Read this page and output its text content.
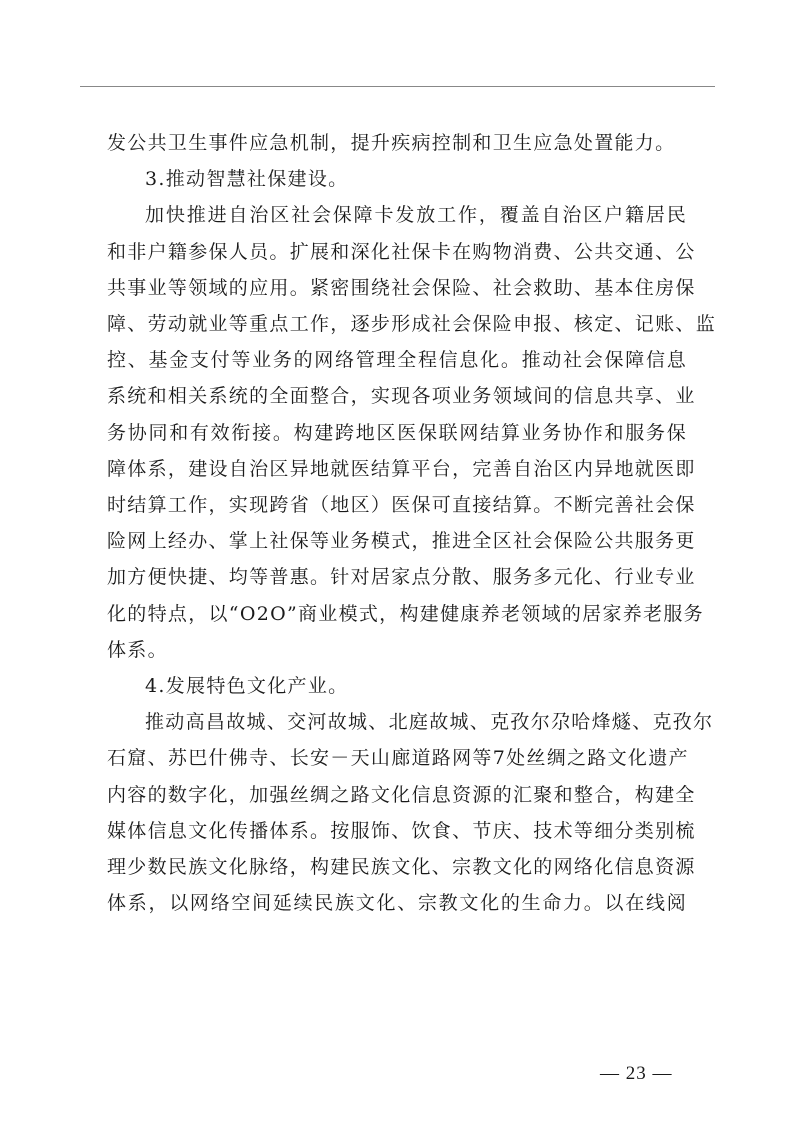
发公共卫生事件应急机制，提升疾病控制和卫生应急处置能力。
3.推动智慧社保建设。
加快推进自治区社会保障卡发放工作，覆盖自治区户籍居民
和非户籍参保人员。扩展和深化社保卡在购物消费、公共交通、公
共事业等领域的应用。紧密围绕社会保险、社会救助、基本住房保
障、劳动就业等重点工作，逐步形成社会保险申报、核定、记账、监
控、基金支付等业务的网络管理全程信息化。推动社会保障信息
系统和相关系统的全面整合，实现各项业务领域间的信息共享、业
务协同和有效衔接。构建跨地区医保联网结算业务协作和服务保
障体系，建设自治区异地就医结算平台，完善自治区内异地就医即
时结算工作，实现跨省（地区）医保可直接结算。不断完善社会保
险网上经办、掌上社保等业务模式，推进全区社会保险公共服务更
加方便快捷、均等普惠。针对居家点分散、服务多元化、行业专业
化的特点，以“O2O”商业模式，构建健康养老领域的居家养老服务
体系。
4.发展特色文化产业。
推动高昌故城、交河故城、北庭故城、克孜尔尕哈烽燧、克孜尔
石窟、苏巴什佛寺、长安－天山廊道路网等7处丝绸之路文化遗产
内容的数字化，加强丝绸之路文化信息资源的汇聚和整合，构建全
媒体信息文化传播体系。按服饰、饮食、节庆、技术等细分类别梳
理少数民族文化脉络，构建民族文化、宗教文化的网络化信息资源
体系，以网络空间延续民族文化、宗教文化的生命力。以在线阅
— 23 —
